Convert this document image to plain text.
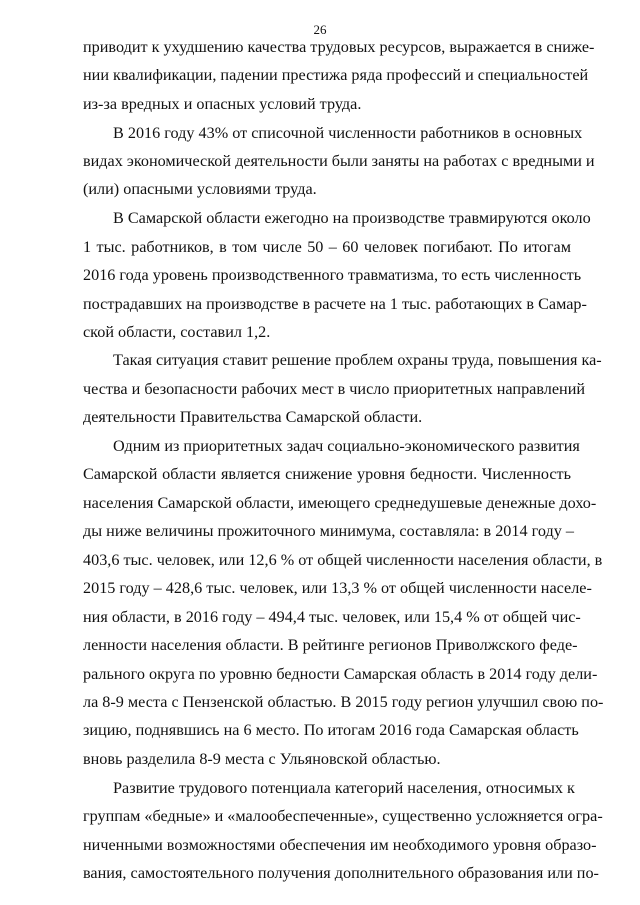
26
приводит к ухудшению качества трудовых ресурсов, выражается в сниже-
нии квалификации, падении престижа ряда профессий и специальностей
из-за вредных и опасных условий труда.
В 2016 году 43% от списочной численности работников в основных
видах экономической деятельности были заняты на работах с вредными и
(или) опасными условиями труда.
В Самарской области ежегодно на производстве травмируются около
1 тыс. работников, в том числе 50 – 60 человек погибают. По итогам
2016 года уровень производственного травматизма, то есть численность
пострадавших на производстве в расчете на 1 тыс. работающих в Самар-
ской области, составил 1,2.
Такая ситуация ставит решение проблем охраны труда, повышения ка-
чества и безопасности рабочих мест в число приоритетных направлений
деятельности Правительства Самарской области.
Одним из приоритетных задач социально-экономического развития
Самарской области является снижение уровня бедности. Численность
населения Самарской области, имеющего среднедушевые денежные дохо-
ды ниже величины прожиточного минимума, составляла: в 2014 году –
403,6 тыс. человек, или 12,6 % от общей численности населения области, в
2015 году – 428,6 тыс. человек, или 13,3 % от общей численности населе-
ния области, в 2016 году – 494,4 тыс. человек, или 15,4 % от общей чис-
ленности населения области. В рейтинге регионов Приволжского феде-
рального округа по уровню бедности Самарская область в 2014 году дели-
ла 8-9 места с Пензенской областью. В 2015 году регион улучшил свою по-
зицию, поднявшись на 6 место. По итогам 2016 года Самарская область
вновь разделила 8-9 места с Ульяновской областью.
Развитие трудового потенциала категорий населения, относимых к
группам «бедные» и «малообеспеченные», существенно усложняется огра-
ниченными возможностями обеспечения им необходимого уровня образо-
вания, самостоятельного получения дополнительного образования или по-
